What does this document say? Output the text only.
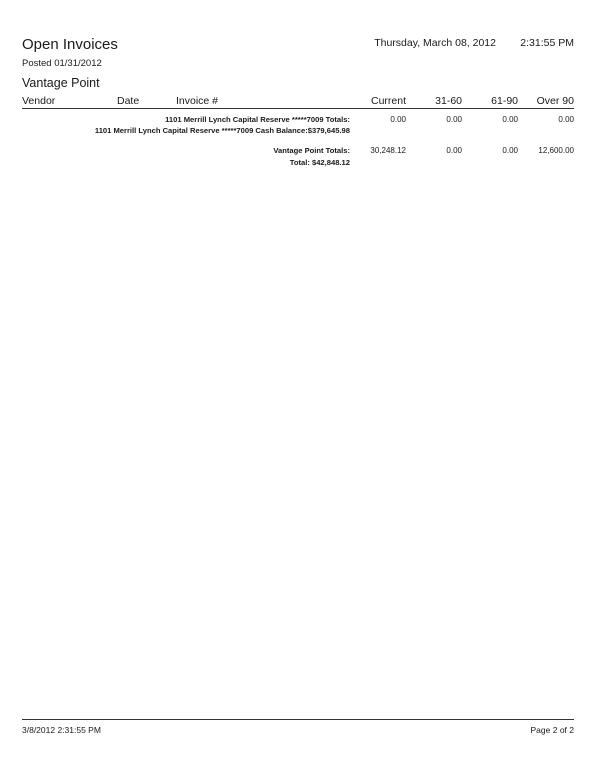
Open Invoices	Thursday, March 08, 2012 2:31:55 PM
Posted 01/31/2012
Vantage Point
Vendor	Date	Invoice #	Current	31-60	61-90	Over 90
1101 Merrill Lynch Capital Reserve *****7009 Totals:	0.00	0.00	0.00	0.00
1101 Merrill Lynch Capital Reserve *****7009 Cash Balance:$379,645.98
Vantage Point Totals:	30,248.12	0.00	0.00	12,600.00
Total: $42,848.12
3/8/2012 2:31:55 PM	Page 2 of 2
